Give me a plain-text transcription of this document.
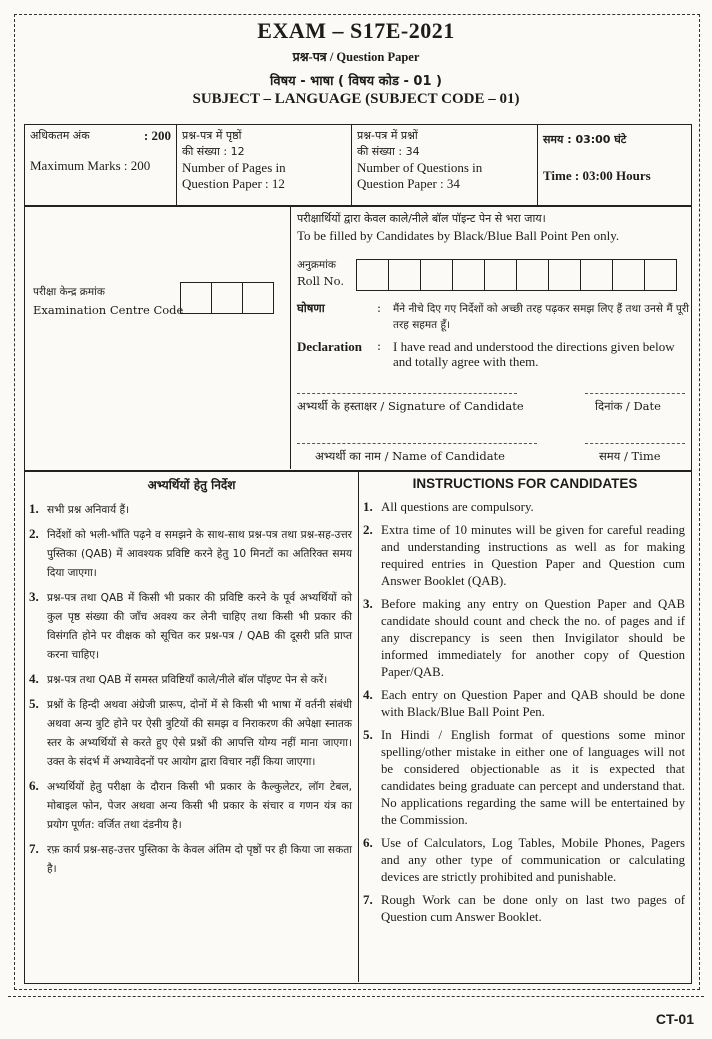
EXAM – S17E-2021
प्रश्न-पत्र / Question Paper
विषय - भाषा ( विषय कोड - 01 )
SUBJECT – LANGUAGE (SUBJECT CODE – 01)
अधिकतम अंक	: 200
Maximum Marks : 200
प्रश्न-पत्र में पृष्ठों
की संख्या : 12
Number of Pages in
Question Paper : 12
प्रश्न-पत्र में प्रश्नों
की संख्या : 34
Number of Questions in
Question Paper : 34
समय : 03:00 घंटे
Time : 03:00 Hours
परीक्षा केन्द्र क्रमांक
Examination Centre Code
परीक्षार्थियों द्वारा केवल काले/नीले बॉल पॉइन्ट पेन से भरा जाय।
To be filled by Candidates by Black/Blue Ball Point Pen only.
अनुक्रमांक
Roll No.
घोषणा	:	मैंने नीचे दिए गए निर्देशों को अच्छी तरह पढ़कर समझ लिए हैं तथा उनसे मैं पूरी तरह सहमत हूँ।
Declaration	: I have read and understood the directions given below and totally agree with them.
अभ्यर्थी के हस्ताक्षर / Signature of Candidate	दिनांक / Date
अभ्यर्थी का नाम / Name of Candidate	समय / Time
अभ्यर्थियों हेतु निर्देश
1. सभी प्रश्न अनिवार्य हैं।
2. निर्देशों को भली-भाँति पढ़ने व समझने के साथ-साथ प्रश्न-पत्र तथा प्रश्न-सह-उत्तर पुस्तिका (QAB) में आवश्यक प्रविष्टि करने हेतु 10 मिनटों का अतिरिक्त समय दिया जाएगा।
3. प्रश्न-पत्र तथा QAB में किसी भी प्रकार की प्रविष्टि करने के पूर्व अभ्यर्थियों को कुल पृष्ठ संख्या की जाँच अवश्य कर लेनी चाहिए तथा किसी भी प्रकार की विसंगति होने पर वीक्षक को सूचित कर प्रश्न-पत्र / QAB की दूसरी प्रति प्राप्त करना चाहिए।
4. प्रश्न-पत्र तथा QAB में समस्त प्रविष्टियाँ काले/नीले बॉल पॉइण्ट पेन से करें।
5. प्रश्नों के हिन्दी अथवा अंग्रेजी प्रारूप, दोनों में से किसी भी भाषा में वर्तनी संबंधी अथवा अन्य त्रुटि होने पर ऐसी त्रुटियों की समझ व निराकरण की अपेक्षा स्नातक स्तर के अभ्यर्थियों से करते हुए ऐसे प्रश्नों की आपत्ति योग्य नहीं माना जाएगा। उक्त के संदर्भ में अभ्यावेदनों पर आयोग द्वारा विचार नहीं किया जाएगा।
6. अभ्यर्थियों हेतु परीक्षा के दौरान किसी भी प्रकार के कैल्कुलेटर, लॉग टेबल, मोबाइल फोन, पेजर अथवा अन्य किसी भी प्रकार के संचार व गणन यंत्र का प्रयोग पूर्णत: वर्जित तथा दंडनीय है।
7. रफ़ कार्य प्रश्न-सह-उत्तर पुस्तिका के केवल अंतिम दो पृष्ठों पर ही किया जा सकता है।
INSTRUCTIONS FOR CANDIDATES
1. All questions are compulsory.
2. Extra time of 10 minutes will be given for careful reading and understanding instructions as well as for making required entries in Question Paper and Question cum Answer Booklet (QAB).
3. Before making any entry on Question Paper and QAB candidate should count and check the no. of pages and if any discrepancy is seen then Invigilator should be informed immediately for another copy of Question Paper/QAB.
4. Each entry on Question Paper and QAB should be done with Black/Blue Ball Point Pen.
5. In Hindi / English format of questions some minor spelling/other mistake in either one of languages will not be considered objectionable as it is expected that candidates being graduate can percept and understand that. No applications regarding the same will be entertained by the Commission.
6. Use of Calculators, Log Tables, Mobile Phones, Pagers and any other type of communication or calculating devices are strictly prohibited and punishable.
7. Rough Work can be done only on last two pages of Question cum Answer Booklet.
CT-01
